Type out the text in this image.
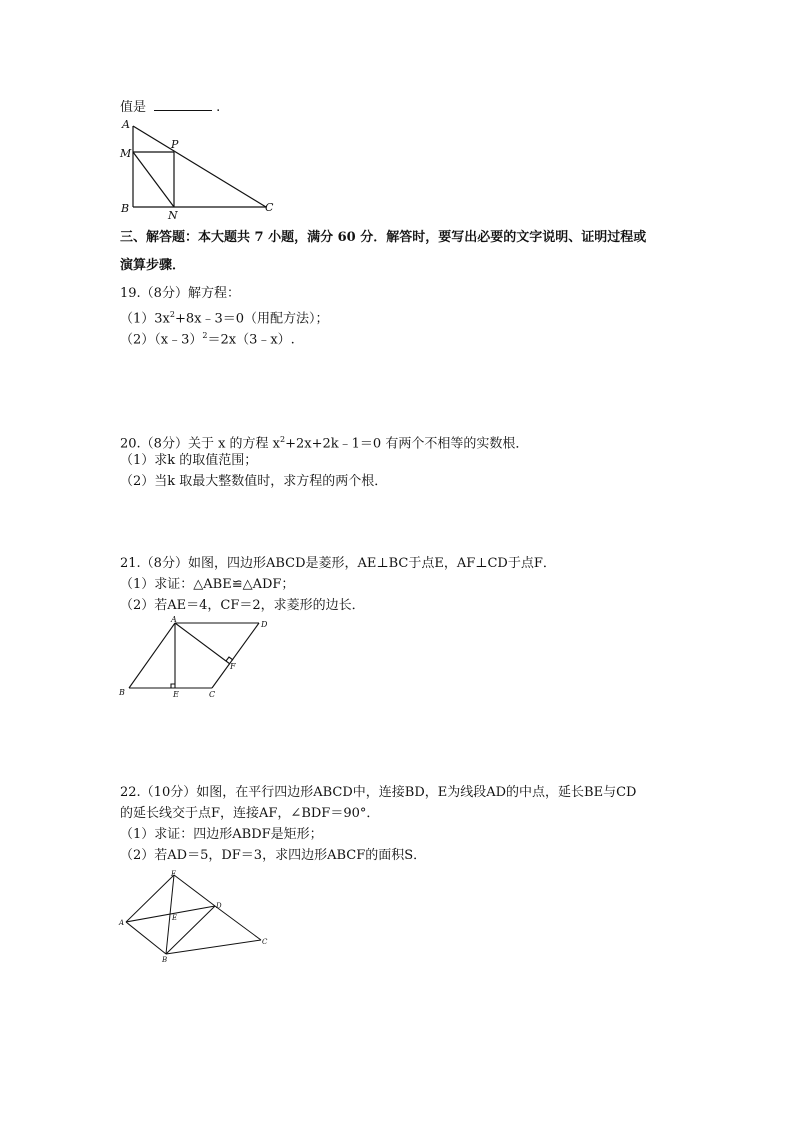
值是	.
A
M
P
B
N
C
三、解答题：本大题共 7 小题，满分 60 分．解答时，要写出必要的文字说明、证明过程或
演算步骤．
19.（8分）解方程：
$(1)3x^2+8x﹣3=0$（用配方法）；
（2）（x﹣3）$^2$＝2x（3﹣x）.
20.（8分）关于 x 的方程 $x^2+2x+2k﹣1=0$ 有两个不相等的实数根．
（1）求k 的取值范围；
（2）当k 取最大整数值时，求方程的两个根．
21.（8分）如图，四边形ABCD是菱形，AE⊥BC于点E，AF⊥CD于点F．
（1）求证：△ABE≌△ADF；
（2）若AE＝4，CF＝2，求菱形的边长．
A
D
F
B	E	C
22.（10分）如图，在平行四边形ABCD中，连接BD，E为线段AD的中点，延长BE与CD
的延长线交于点F，连接AF，∠BDF＝90°．
（1）求证：四边形ABDF是矩形；
（2）若AD＝5，DF＝3，求四边形ABCF的面积S．
F
A
E
D
B
C
